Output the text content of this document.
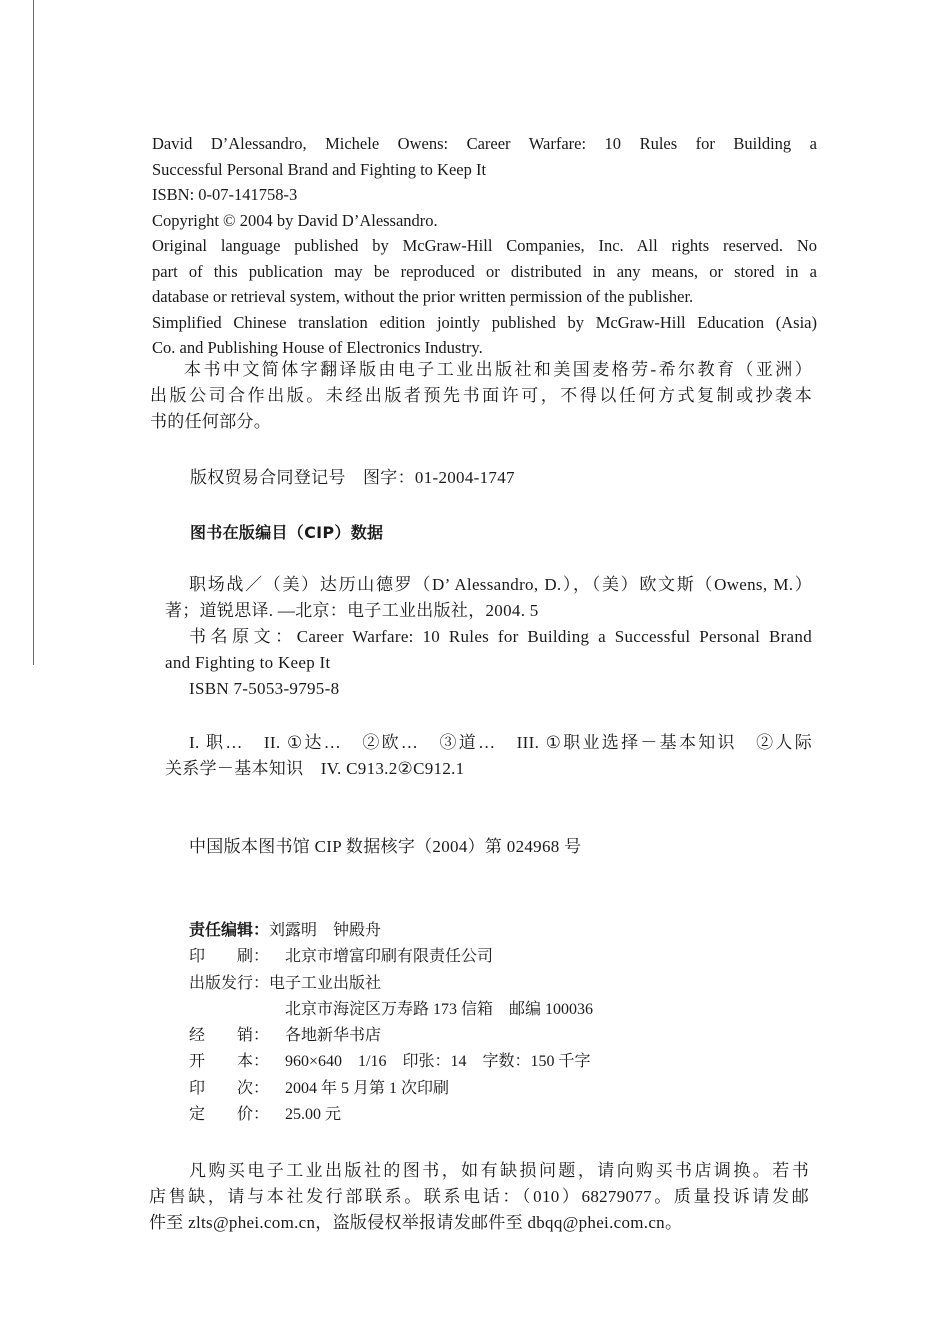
David D’Alessandro, Michele Owens: Career Warfare: 10 Rules for Building a
Successful Personal Brand and Fighting to Keep It
ISBN: 0-07-141758-3
Copyright © 2004 by David D’Alessandro.
Original language published by McGraw-Hill Companies, Inc. All rights reserved. No
part of this publication may be reproduced or distributed in any means, or stored in a
database or retrieval system, without the prior written permission of the publisher.
Simplified Chinese translation edition jointly published by McGraw-Hill Education (Asia)
Co. and Publishing House of Electronics Industry.
本书中文简体字翻译版由电子工业出版社和美国麦格劳-希尔教育（亚洲）
出版公司合作出版。未经出版者预先书面许可，不得以任何方式复制或抄袭本
书的任何部分。
版权贸易合同登记号　图字：01-2004-1747
图书在版编目（CIP）数据
职场战／（美）达历山德罗（D’ Alessandro, D.），（美）欧文斯（Owens, M.）
著；道锐思译. —北京：电子工业出版社，2004. 5
书名原文：Career Warfare: 10 Rules for Building a Successful Personal Brand
and Fighting to Keep It
ISBN 7-5053-9795-8
I. 职…　II. ①达…　②欧…　③道…　III. ①职业选择－基本知识　②人际
关系学－基本知识　IV. C913.2②C912.1
中国版本图书馆 CIP 数据核字（2004）第 024968 号
责任编辑 ： 刘露明　钟殿舟
印 刷：	北京市增富印刷有限责任公司
出版发行 ： 电子工业出版社
北京市海淀区万寿路 173 信箱　邮编 100036
经 销：	各地新华书店
开 本：	960×640　1/16　印张：14　字数：150 千字
印 次：	2004 年 5 月第 1 次印刷
定 价：	25.00 元
凡购买电子工业出版社的图书，如有缺损问题，请向购买书店调换。若书
店售缺，请与本社发行部联系。联系电话：（010）68279077。质量投诉请发邮
件至 zlts@phei.com.cn，盗版侵权举报请发邮件至 dbqq@phei.com.cn。
